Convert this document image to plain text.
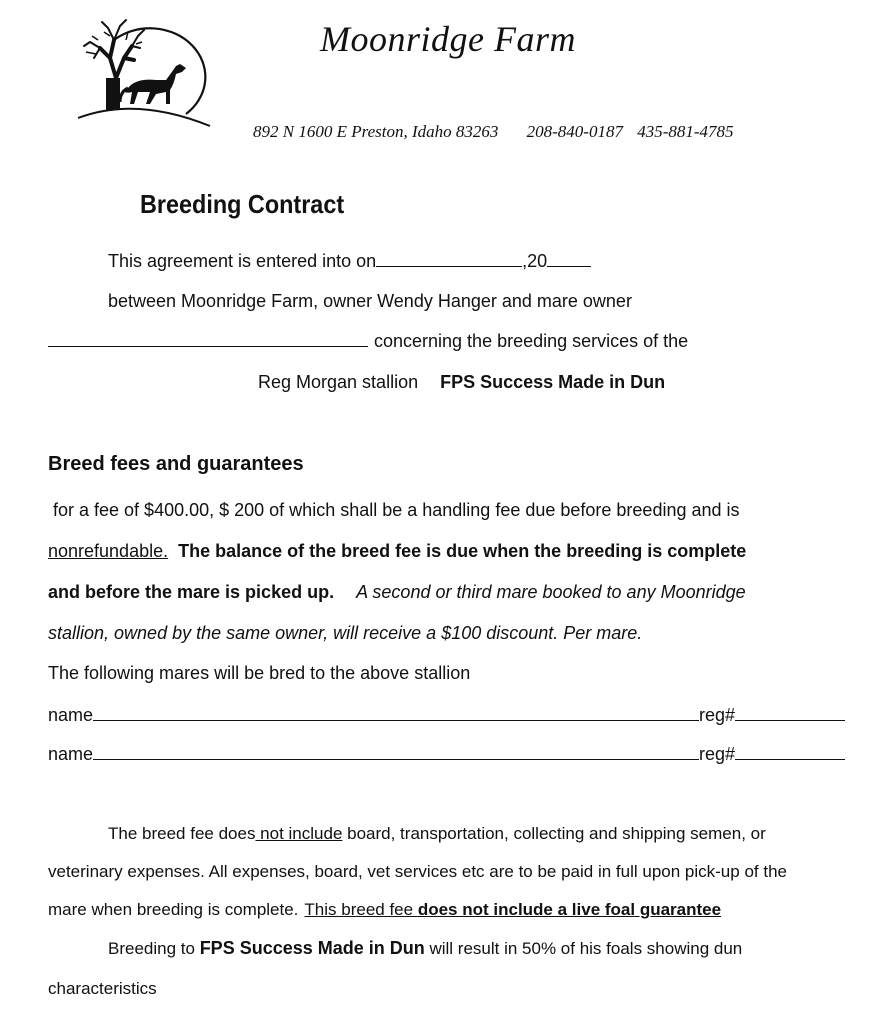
Moonridge Farm
892 N 1600 E Preston, Idaho 83263 208-840-0187 435-881-4785
Breeding Contract
This agreement is entered into on	,20
between Moonridge Farm, owner Wendy Hanger and mare owner
concerning the breeding services of the
Reg Morgan stallion FPS Success Made in Dun
Breed fees and guarantees
for a fee of $400.00, $ 200 of which shall be a handling fee due before breeding and is
nonrefundable. The balance of the breed fee is due when the breeding is complete
and before the mare is picked up. A second or third mare booked to any Moonridge
stallion, owned by the same owner, will receive a $100 discount. Per mare.
The following mares will be bred to the above stallion
name	reg#
name	reg#
The breed fee does not include board, transportation, collecting and shipping semen, or
veterinary expenses. All expenses, board, vet services etc are to be paid in full upon pick-up of the
mare when breeding is complete. This breed fee does not include a live foal guarantee
Breeding to FPS Success Made in Dun will result in 50% of his foals showing dun
characteristics
